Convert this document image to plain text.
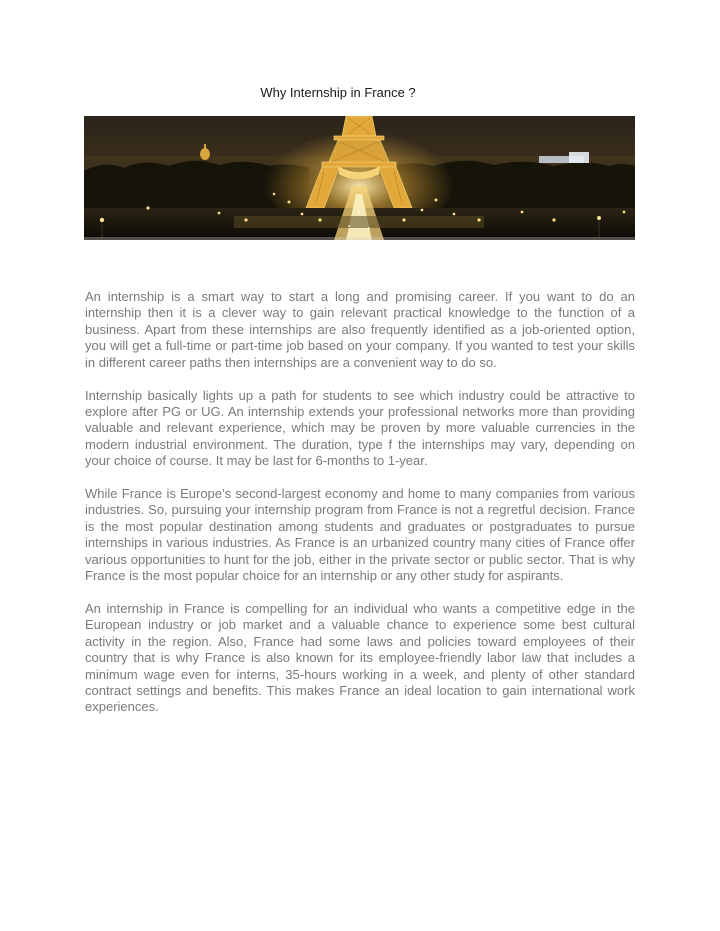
Why Internship in France ?

An internship is a smart way to start a long and promising career. If you want to do an internship then it is a clever way to gain relevant practical knowledge to the function of a business. Apart from these internships are also frequently identified as a job-oriented option, you will get a full-time or part-time job based on your company. If you wanted to test your skills in different career paths then internships are a convenient way to do so.

Internship basically lights up a path for students to see which industry could be attractive to explore after PG or UG. An internship extends your professional networks more than providing valuable and relevant experience, which may be proven by more valuable currencies in the modern industrial environment. The duration, type f the internships may vary, depending on your choice of course. It may be last for 6-months to 1-year.

While France is Europe’s second-largest economy and home to many companies from various industries. So, pursuing your internship program from France is not a regretful decision. France is the most popular destination among students and graduates or postgraduates to pursue internships in various industries. As France is an urbanized country many cities of France offer various opportunities to hunt for the job, either in the private sector or public sector. That is why France is the most popular choice for an internship or any other study for aspirants.

An internship in France is compelling for an individual who wants a competitive edge in the European industry or job market and a valuable chance to experience some best cultural activity in the region. Also, France had some laws and policies toward employees of their country that is why France is also known for its employee-friendly labor law that includes a minimum wage even for interns, 35-hours working in a week, and plenty of other standard contract settings and benefits. This makes France an ideal location to gain international work experiences.
